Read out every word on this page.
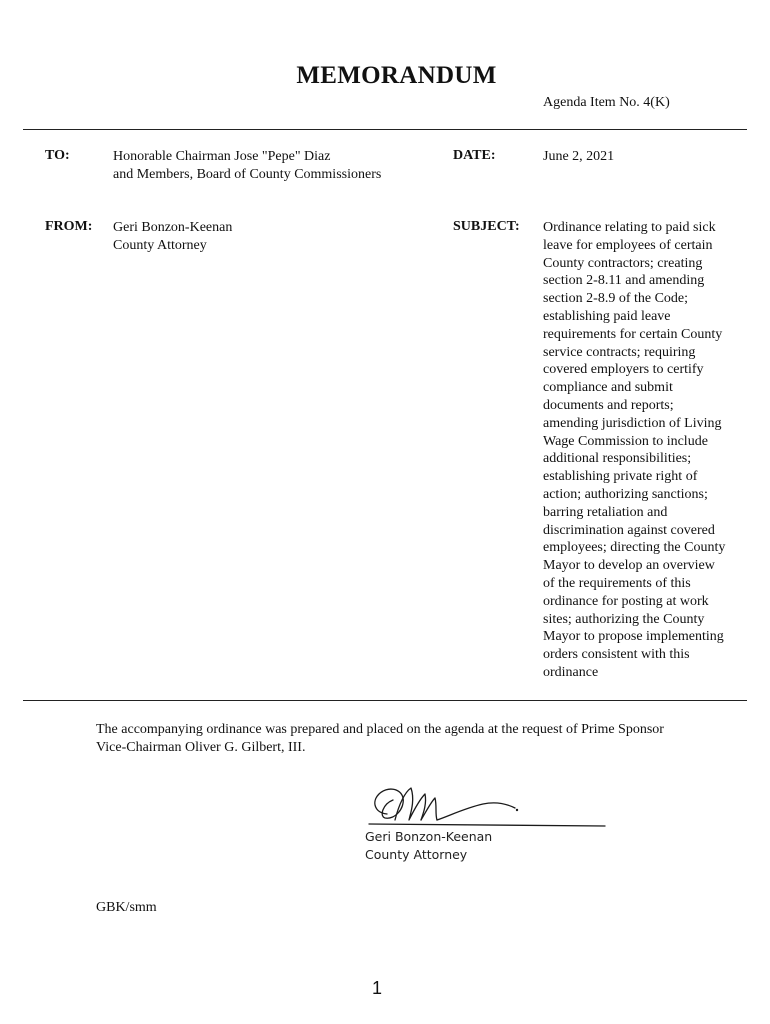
MEMORANDUM
Agenda Item No. 4(K)
TO:	Honorable Chairman Jose "Pepe" Diaz
and Members, Board of County Commissioners
DATE:	June 2, 2021
FROM: Geri Bonzon-Keenan
County Attorney
SUBJECT: Ordinance relating to paid sick
leave for employees of certain
County contractors; creating
section 2-8.11 and amending
section 2-8.9 of the Code;
establishing paid leave
requirements for certain County
service contracts; requiring
covered employers to certify
compliance and submit
documents and reports;
amending jurisdiction of Living
Wage Commission to include
additional responsibilities;
establishing private right of
action; authorizing sanctions;
barring retaliation and
discrimination against covered
employees; directing the County
Mayor to develop an overview
of the requirements of this
ordinance for posting at work
sites; authorizing the County
Mayor to propose implementing
orders consistent with this
ordinance
The accompanying ordinance was prepared and placed on the agenda at the request of Prime Sponsor
Vice-Chairman Oliver G. Gilbert, III.
Geri Bonzon-Keenan
County Attorney
GBK/smm
1
